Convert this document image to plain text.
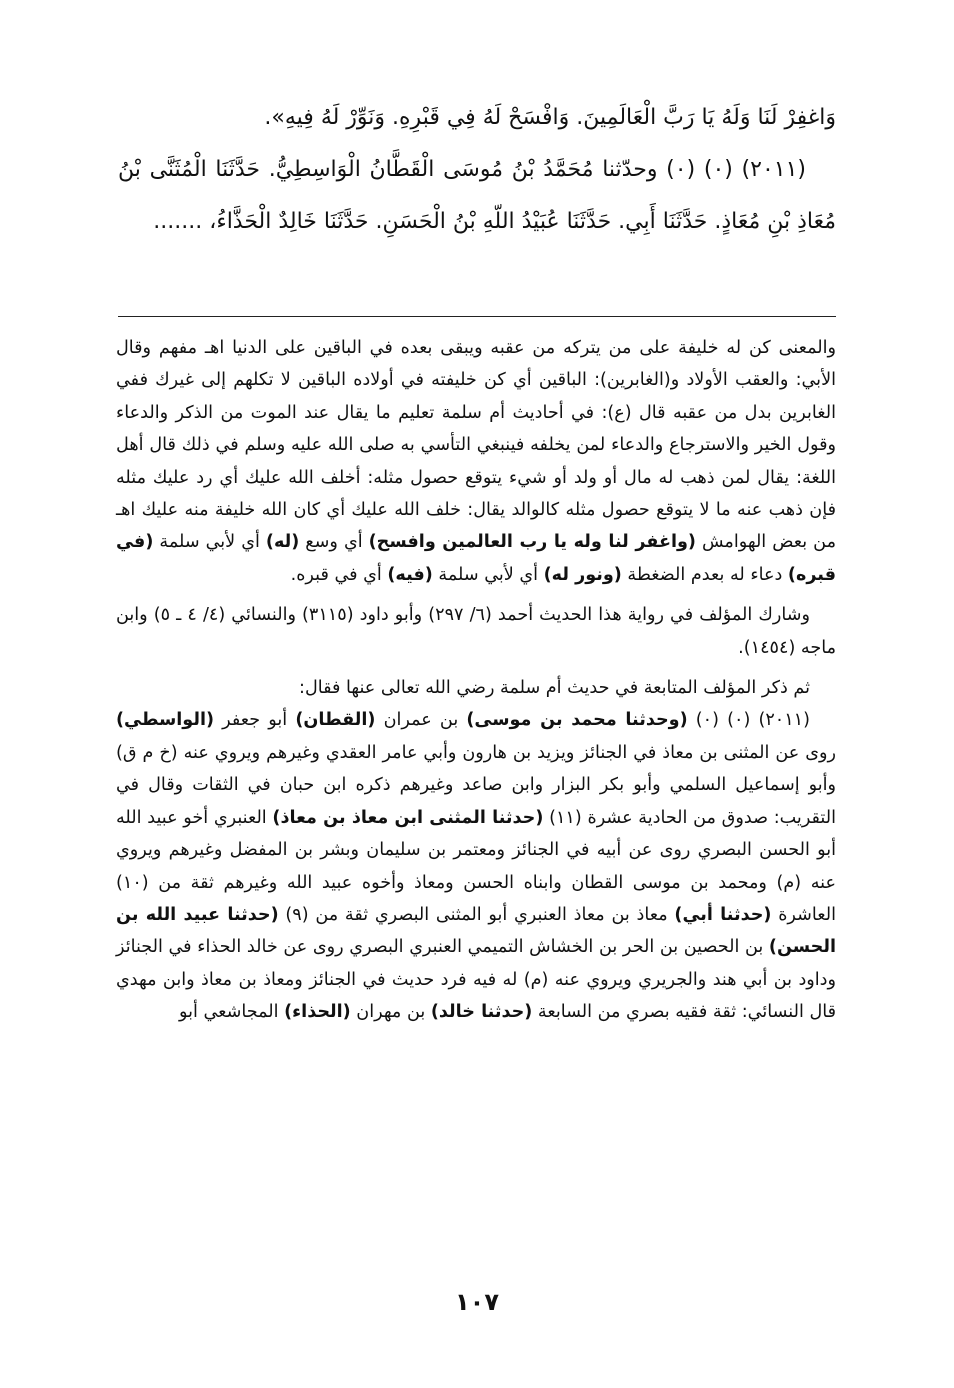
وَاغفِرْ لَنَا وَلَهُ يَا رَبَّ الْعَالَمِينَ. وَافْسَحْ لَهُ فِي قَبْرِهِ. وَنَوِّرْ لَهُ فِيهِ».

(٢٠١١) (٠) (٠) وحدّثنا مُحَمَّدُ بْنُ مُوسَى الْقَطَّانُ الْوَاسِطِيُّ. حَدَّثَنَا الْمُثَنَّى بْنُ مُعَاذِ بْنِ مُعَاذٍ. حَدَّثَنَا أَبِي. حَدَّثَنَا عُبَيْدُ اللّهِ بْنُ الْحَسَنِ. حَدَّثَنَا خَالِدٌ الْحَذَّاءُ، .......

والمعنى كن له خليفة على من يتركه من عقبه ويبقى بعده في الباقين على الدنيا اهـ مفهم وقال الأبي: والعقب الأولاد و(الغابرين): الباقين أي كن خليفته في أولاده الباقين لا تكلهم إلى غيرك ففي الغابرين بدل من عقبه قال (ع): في أحاديث أم سلمة تعليم ما يقال عند الموت من الذكر والدعاء وقول الخير والاسترجاع والدعاء لمن يخلفه فينبغي التأسي به صلى الله عليه وسلم في ذلك قال أهل اللغة: يقال لمن ذهب له مال أو ولد أو شيء يتوقع حصول مثله: أخلف الله عليك أي رد عليك مثله فإن ذهب عنه ما لا يتوقع حصول مثله كالوالد يقال: خلف الله عليك أي كان الله خليفة منه عليك اهـ من بعض الهوامش (واغفر لنا وله يا رب العالمين وافسح) أي وسع (له) أي لأبي سلمة (في قبره) دعاء له بعدم الضغطة (ونور له) أي لأبي سلمة (فيه) أي في قبره.

وشارك المؤلف في رواية هذا الحديث أحمد (٦/ ٢٩٧) وأبو داود (٣١١٥) والنسائي (٤/ ٤ ـ ٥) وابن ماجه (١٤٥٤).

ثم ذكر المؤلف المتابعة في حديث أم سلمة رضي الله تعالى عنها فقال:

(٢٠١١) (٠) (٠) (وحدثنا محمد بن موسى) بن عمران (القطان) أبو جعفر (الواسطي) روى عن المثنى بن معاذ في الجنائز ويزيد بن هارون وأبي عامر العقدي وغيرهم ويروي عنه (خ م ق) وأبو إسماعيل السلمي وأبو بكر البزار وابن صاعد وغيرهم ذكره ابن حبان في الثقات وقال في التقريب: صدوق من الحادية عشرة (١١) (حدثنا المثنى ابن معاذ بن معاذ) العنبري أخو عبيد الله أبو الحسن البصري روى عن أبيه في الجنائز ومعتمر بن سليمان وبشر بن المفضل وغيرهم ويروي عنه (م) ومحمد بن موسى القطان وابناه الحسن ومعاذ وأخوه عبيد الله وغيرهم ثقة من (١٠) العاشرة (حدثنا أبي) معاذ بن معاذ العنبري أبو المثنى البصري ثقة من (٩) (حدثنا عبيد الله بن الحسن) بن الحصين بن الحر بن الخشاش التميمي العنبري البصري روى عن خالد الحذاء في الجنائز وداود بن أبي هند والجريري ويروي عنه (م) له فيه فرد حديث في الجنائز ومعاذ بن معاذ وابن مهدي قال النسائي: ثقة فقيه بصري من السابعة (حدثنا خالد) بن مهران (الحذاء) المجاشعي أبو

١٠٧
